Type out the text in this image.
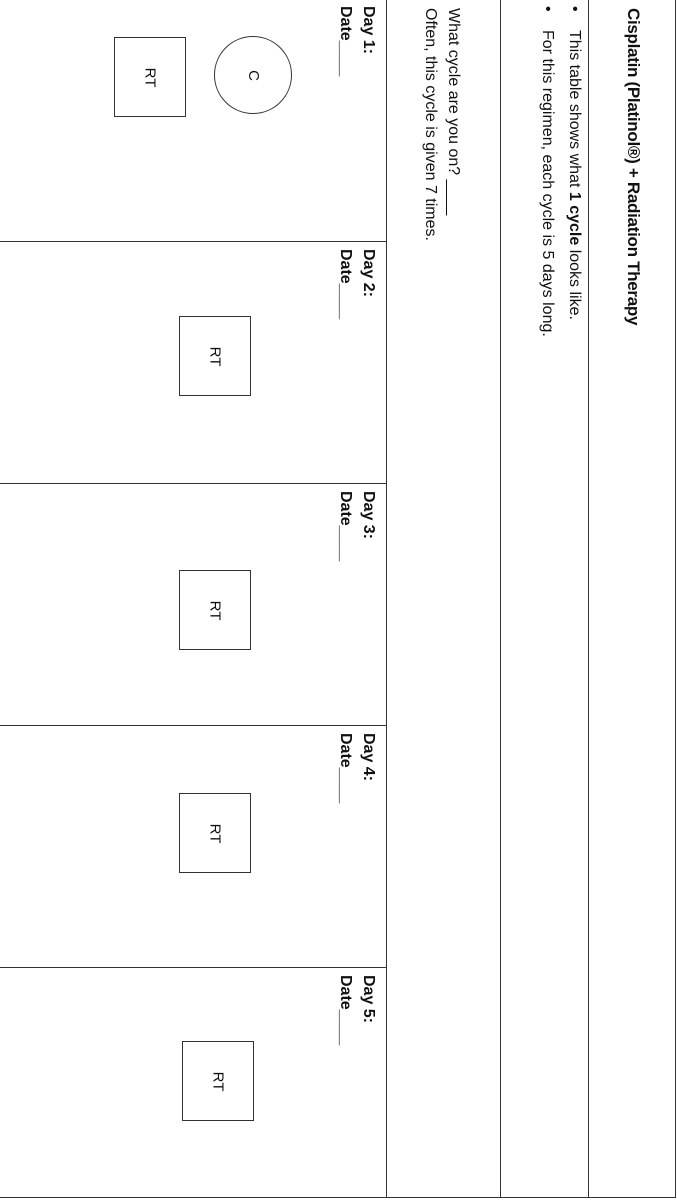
Cisplatin (Platinol®) + Radiation Therapy
•This table shows what 1 cycle looks like.
•For this regimen, each cycle is 5 days long.
What cycle are you on? ____
Often, this cycle is given 7 times.
Day 1:
Date____
C
RT
Day 2:
Date____
RT
Day 3:
Date____
RT
Day 4:
Date____
RT
Day 5:
Date____
RT
